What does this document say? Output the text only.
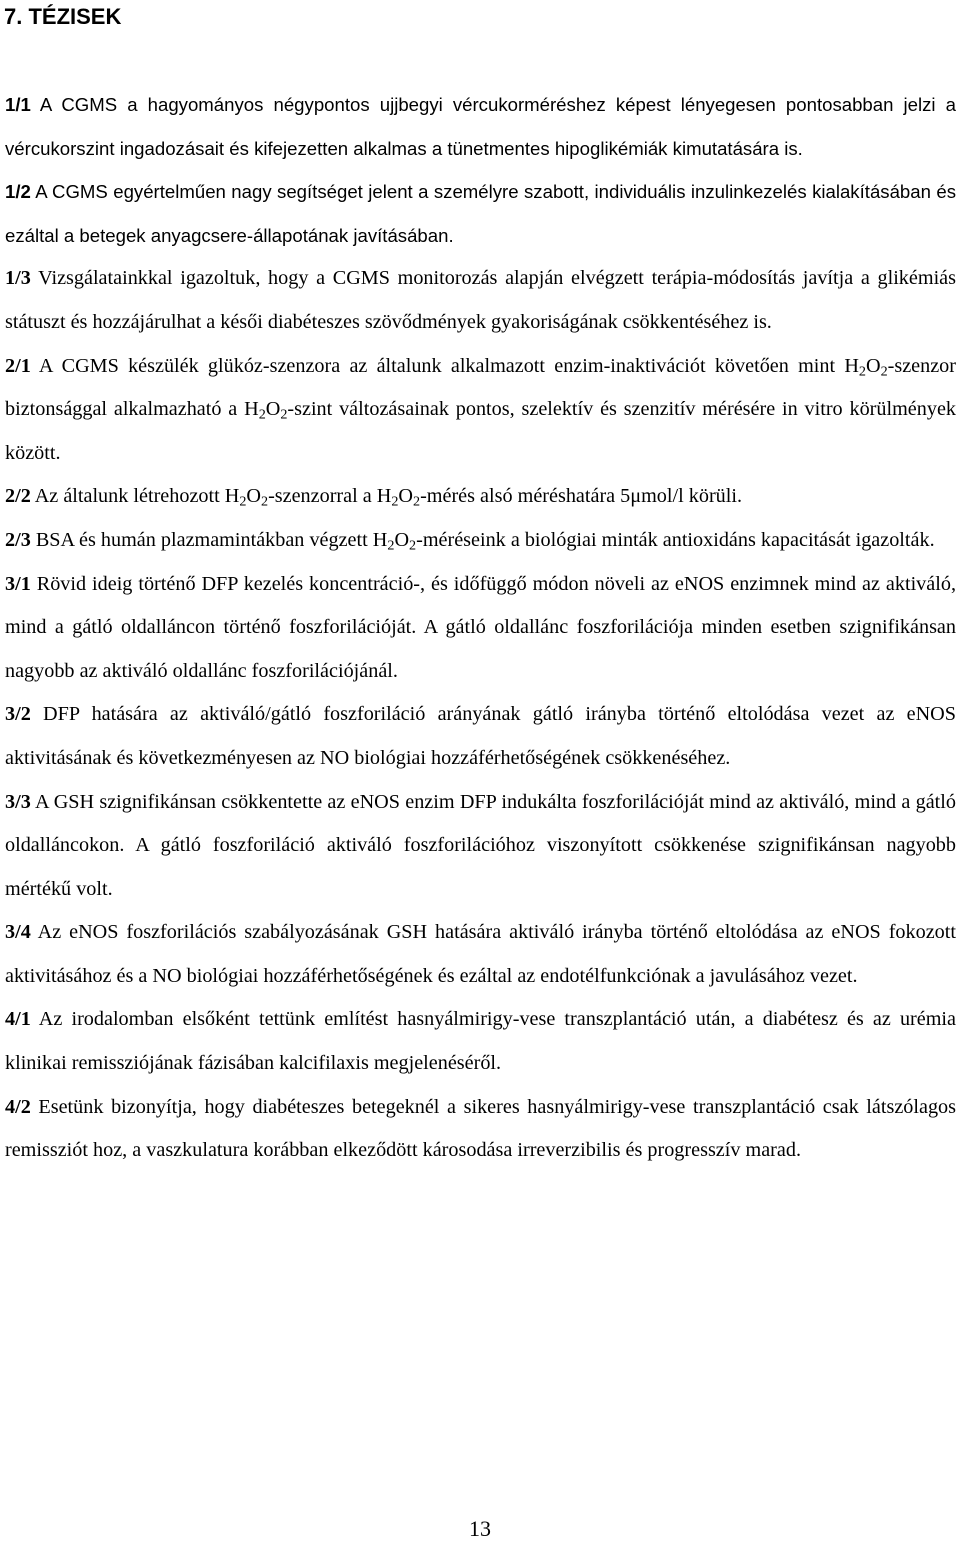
7. TÉZISEK

1/1 A CGMS a hagyományos négypontos ujjbegyi vércukorméréshez képest lényegesen pontosabban jelzi a vércukorszint ingadozásait és kifejezetten alkalmas a tünetmentes hipoglikémiák kimutatására is.

1/2 A CGMS egyértelműen nagy segítséget jelent a személyre szabott, individuális inzulinkezelés kialakításában és ezáltal a betegek anyagcsere-állapotának javításában.

1/3 Vizsgálatainkkal igazoltuk, hogy a CGMS monitorozás alapján elvégzett terápia-módosítás javítja a glikémiás státuszt és hozzájárulhat a késői diabéteszes szövődmények gyakoriságának csökkentéséhez is.

2/1 A CGMS készülék glükóz-szenzora az általunk alkalmazott enzim-inaktivációt követően mint $H_2O_2$-szenzor biztonsággal alkalmazható a $H_2O_2$-szint változásainak pontos, szelektív és szenzitív mérésére in vitro körülmények között.

2/2 Az általunk létrehozott $H_2O_2$-szenzorral a $H_2O_2$-mérés alsó méréshatára 5μmol/l körüli.

2/3 BSA és humán plazmamintákban végzett $H_2O_2$-méréseink a biológiai minták antioxidáns kapacitását igazolták.

3/1 Rövid ideig történő DFP kezelés koncentráció-, és időfüggő módon növeli az eNOS enzimnek mind az aktiváló, mind a gátló oldalláncon történő foszforilációját. A gátló oldallánc foszforilációja minden esetben szignifikánsan nagyobb az aktiváló oldallánc foszforilációjánál.

3/2 DFP hatására az aktiváló/gátló foszforiláció arányának gátló irányba történő eltolódása vezet az eNOS aktivitásának és következményesen az NO biológiai hozzáférhetőségének csökkenéséhez.

3/3 A GSH szignifikánsan csökkentette az eNOS enzim DFP indukálta foszforilációját mind az aktiváló, mind a gátló oldalláncokon. A gátló foszforiláció aktiváló foszforilációhoz viszonyított csökkenése szignifikánsan nagyobb mértékű volt.

3/4 Az eNOS foszforilációs szabályozásának GSH hatására aktiváló irányba történő eltolódása az eNOS fokozott aktivitásához és a NO biológiai hozzáférhetőségének és ezáltal az endotélfunkciónak a javulásához vezet.

4/1 Az irodalomban elsőként tettünk említést hasnyálmirigy-vese transzplantáció után, a diabétesz és az urémia klinikai remissziójának fázisában kalcifilaxis megjelenéséről.

4/2 Esetünk bizonyítja, hogy diabéteszes betegeknél a sikeres hasnyálmirigy-vese transzplantáció csak látszólagos remissziót hoz, a vaszkulatura korábban elkeződött károsodása irreverzibilis és progresszív marad.

13
